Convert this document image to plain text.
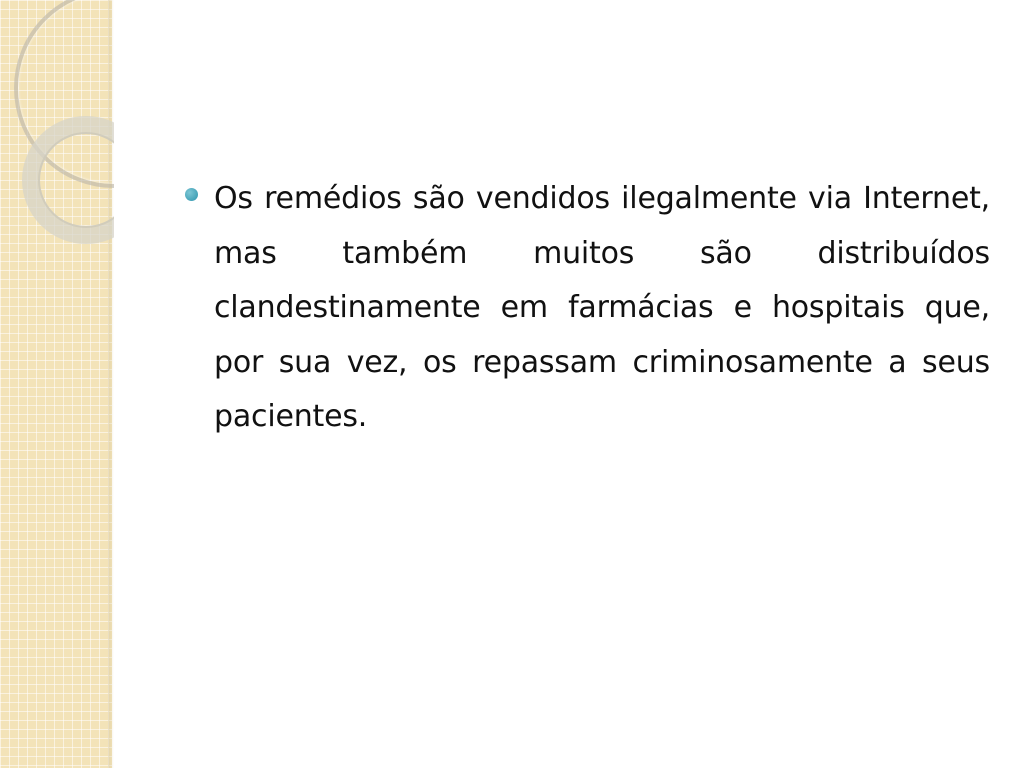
Os remédios são vendidos ilegalmente via Internet, mas também muitos são distribuídos clandestinamente em farmácias e hospitais que, por sua vez, os repassam criminosamente a seus pacientes.
